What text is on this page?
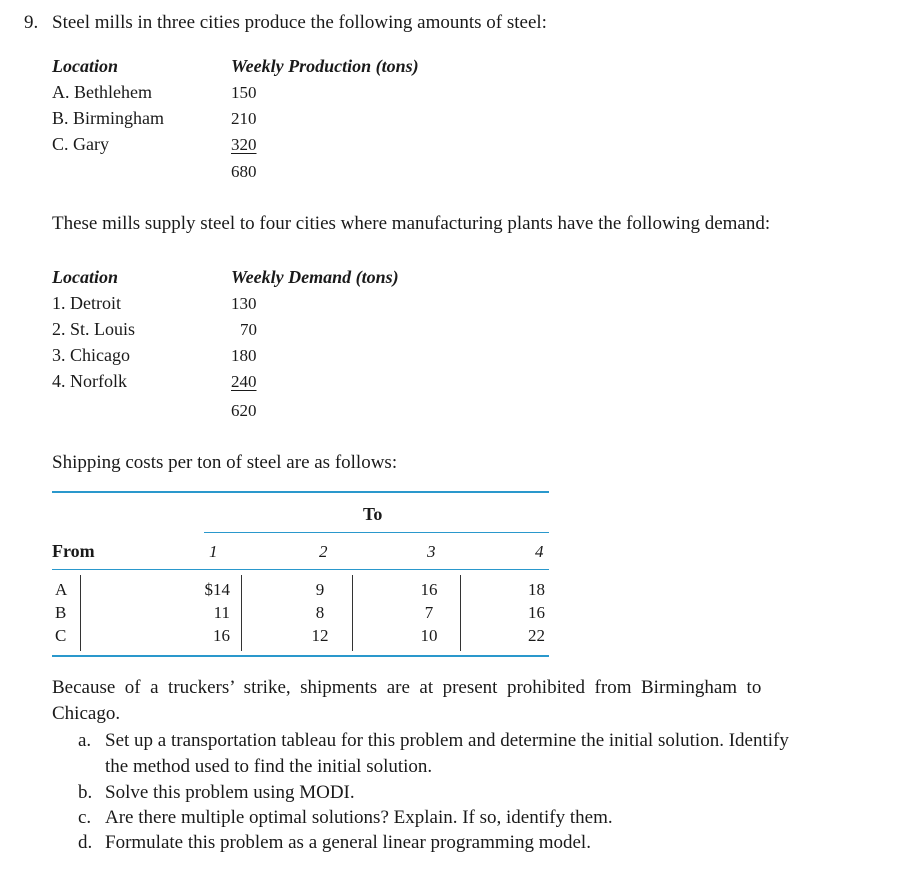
9. Steel mills in three cities produce the following amounts of steel:
Location	Weekly Production (tons)
A. Bethlehem	150
B. Birmingham	210
C. Gary	320
680
These mills supply steel to four cities where manufacturing plants have the following demand:
Location	Weekly Demand (tons)
1. Detroit	130
2. St. Louis	70
3. Chicago	180
4. Norfolk	240
620
Shipping costs per ton of steel are as follows:
To
From	1	2	3	4
A	$14	9	16	18
B	11	8	7	16
C	16	12	10	22
Because  of  a  truckers’  strike,  shipments  are  at  present  prohibited  from  Birmingham  to
Chicago.
a. Set up a transportation tableau for this problem and determine the initial solution. Identify
the method used to find the initial solution.
b. Solve this problem using MODI.
c. Are there multiple optimal solutions? Explain. If so, identify them.
d. Formulate this problem as a general linear programming model.
